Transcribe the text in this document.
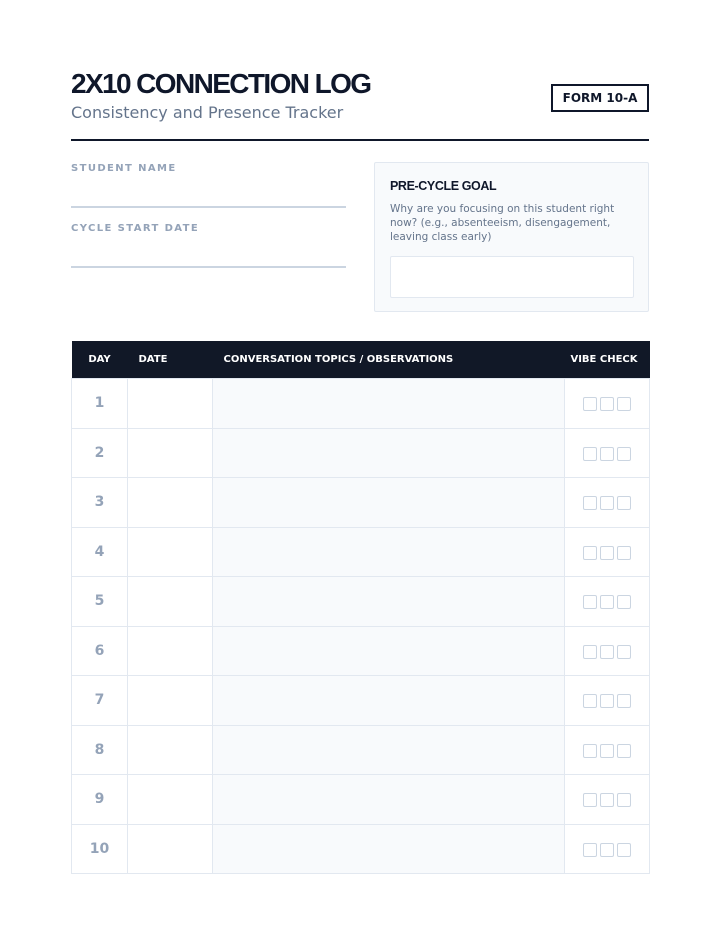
2X10 CONNECTION LOG
Consistency and Presence Tracker
FORM 10-A
STUDENT NAME
CYCLE START DATE
PRE-CYCLE GOAL
Why are you focusing on this student right now? (e.g., absenteeism, disengagement, leaving class early)
DAY	DATE	CONVERSATION TOPICS / OBSERVATIONS	VIBE CHECK
1			
2			
3			
4			
5			
6			
7			
8			
9			
10			
